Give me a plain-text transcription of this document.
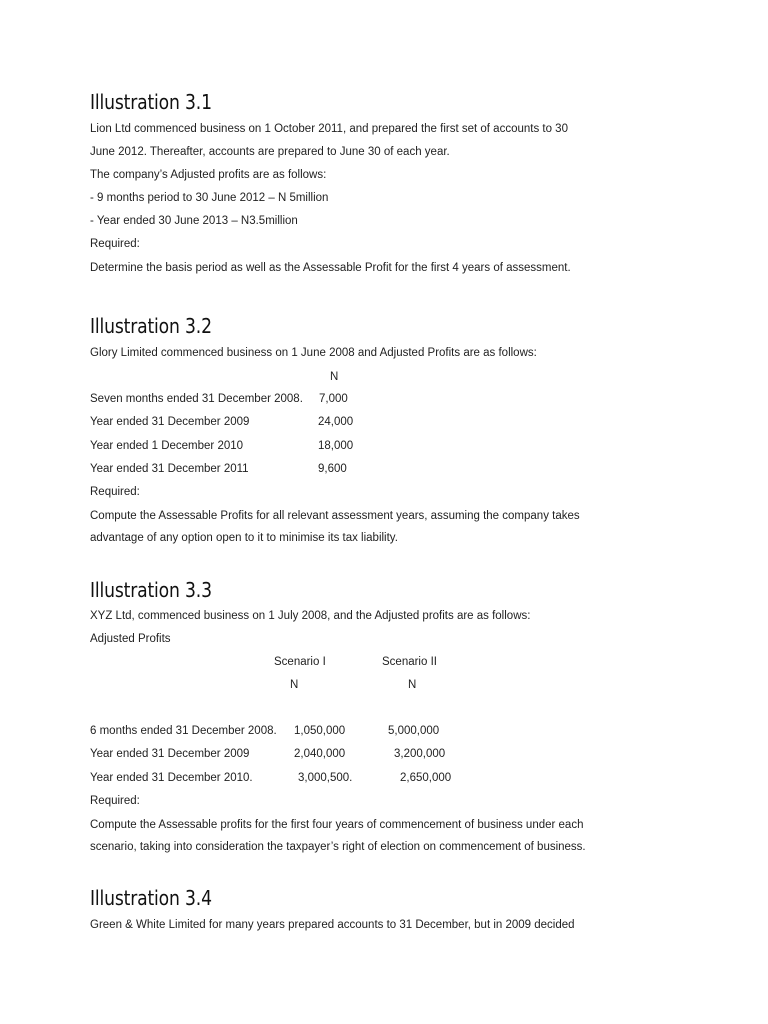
Illustration 3.1
Lion Ltd commenced business on 1 October 2011, and prepared the first set of accounts to 30
June 2012. Thereafter, accounts are prepared to June 30 of each year.
The company’s Adjusted profits are as follows:
- 9 months period to 30 June 2012 – N 5million
- Year ended 30 June 2013 – N3.5million
Required:
Determine the basis period as well as the Assessable Profit for the first 4 years of assessment.
Illustration 3.2
Glory Limited commenced business on 1 June 2008 and Adjusted Profits are as follows:
N
Seven months ended 31 December 2008. 7,000
Year ended 31 December 2009	24,000
Year ended 1 December 2010	18,000
Year ended 31 December 2011	9,600
Required:
Compute the Assessable Profits for all relevant assessment years, assuming the company takes
advantage of any option open to it to minimise its tax liability.
Illustration 3.3
XYZ Ltd, commenced business on 1 July 2008, and the Adjusted profits are as follows:
Adjusted Profits
Scenario I	Scenario II
N	N
6 months ended 31 December 2008. 1,050,000	5,000,000
Year ended 31 December 2009	2,040,000	3,200,000
Year ended 31 December 2010.	3,000,500.	2,650,000
Required:
Compute the Assessable profits for the first four years of commencement of business under each
scenario, taking into consideration the taxpayer’s right of election on commencement of business.
Illustration 3.4
Green & White Limited for many years prepared accounts to 31 December, but in 2009 decided
